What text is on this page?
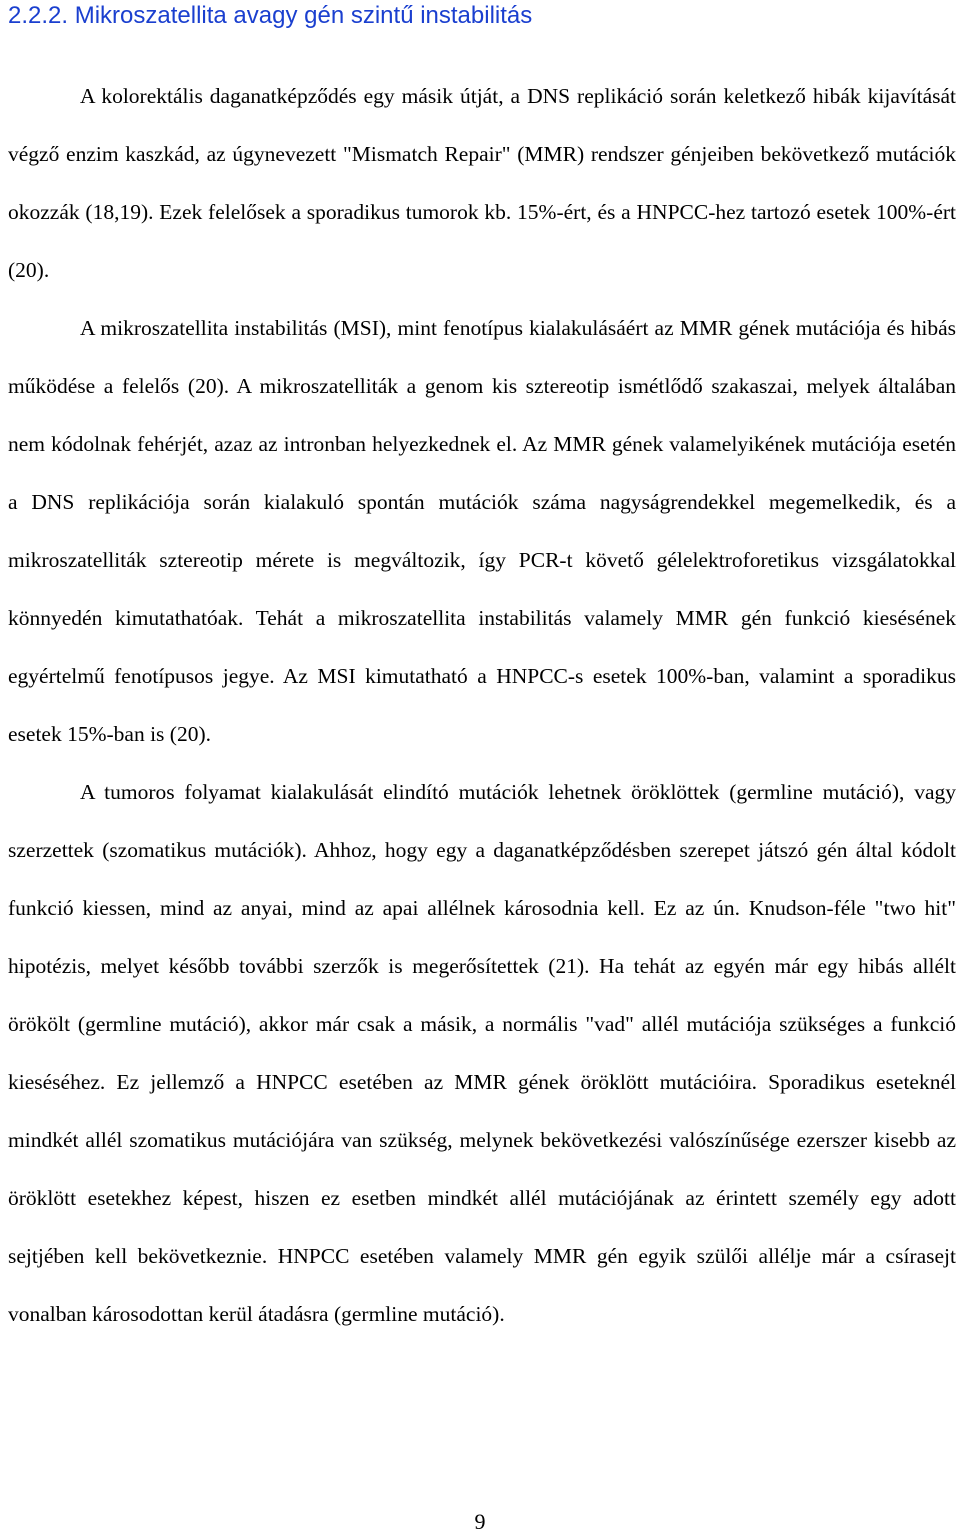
2.2.2. Mikroszatellita avagy gén szintű instabilitás

A kolorektális daganatképződés egy másik útját, a DNS replikáció során keletkező hibák kijavítását végző enzim kaszkád, az úgynevezett "Mismatch Repair" (MMR) rendszer génjeiben bekövetkező mutációk okozzák (18,19). Ezek felelősek a sporadikus tumorok kb. 15%-ért, és a HNPCC-hez tartozó esetek 100%-ért (20).

A mikroszatellita instabilitás (MSI), mint fenotípus kialakulásáért az MMR gének mutációja és hibás működése a felelős (20). A mikroszatelliták a genom kis sztereotip ismétlődő szakaszai, melyek általában nem kódolnak fehérjét, azaz az intronban helyezkednek el. Az MMR gének valamelyikének mutációja esetén a DNS replikációja során kialakuló spontán mutációk száma nagyságrendekkel megemelkedik, és a mikroszatelliták sztereotip mérete is megváltozik, így PCR-t követő gélelektroforetikus vizsgálatokkal könnyedén kimutathatóak. Tehát a mikroszatellita instabilitás valamely MMR gén funkció kiesésének egyértelmű fenotípusos jegye. Az MSI kimutatható a HNPCC-s esetek 100%-ban, valamint a sporadikus esetek 15%-ban is (20).

A tumoros folyamat kialakulását elindító mutációk lehetnek öröklöttek (germline mutáció), vagy szerzettek (szomatikus mutációk). Ahhoz, hogy egy a daganatképződésben szerepet játszó gén által kódolt funkció kiessen, mind az anyai, mind az apai allélnek károsodnia kell. Ez az ún. Knudson-féle "two hit" hipotézis, melyet később további szerzők is megerősítettek (21). Ha tehát az egyén már egy hibás allélt örökölt (germline mutáció), akkor már csak a másik, a normális "vad" allél mutációja szükséges a funkció kieséséhez. Ez jellemző a HNPCC esetében az MMR gének öröklött mutációira. Sporadikus eseteknél mindkét allél szomatikus mutációjára van szükség, melynek bekövetkezési valószínűsége ezerszer kisebb az öröklött esetekhez képest, hiszen ez esetben mindkét allél mutációjának az érintett személy egy adott sejtjében kell bekövetkeznie. HNPCC esetében valamely MMR gén egyik szülői allélje már a csírasejt vonalban károsodottan kerül átadásra (germline mutáció).

9
